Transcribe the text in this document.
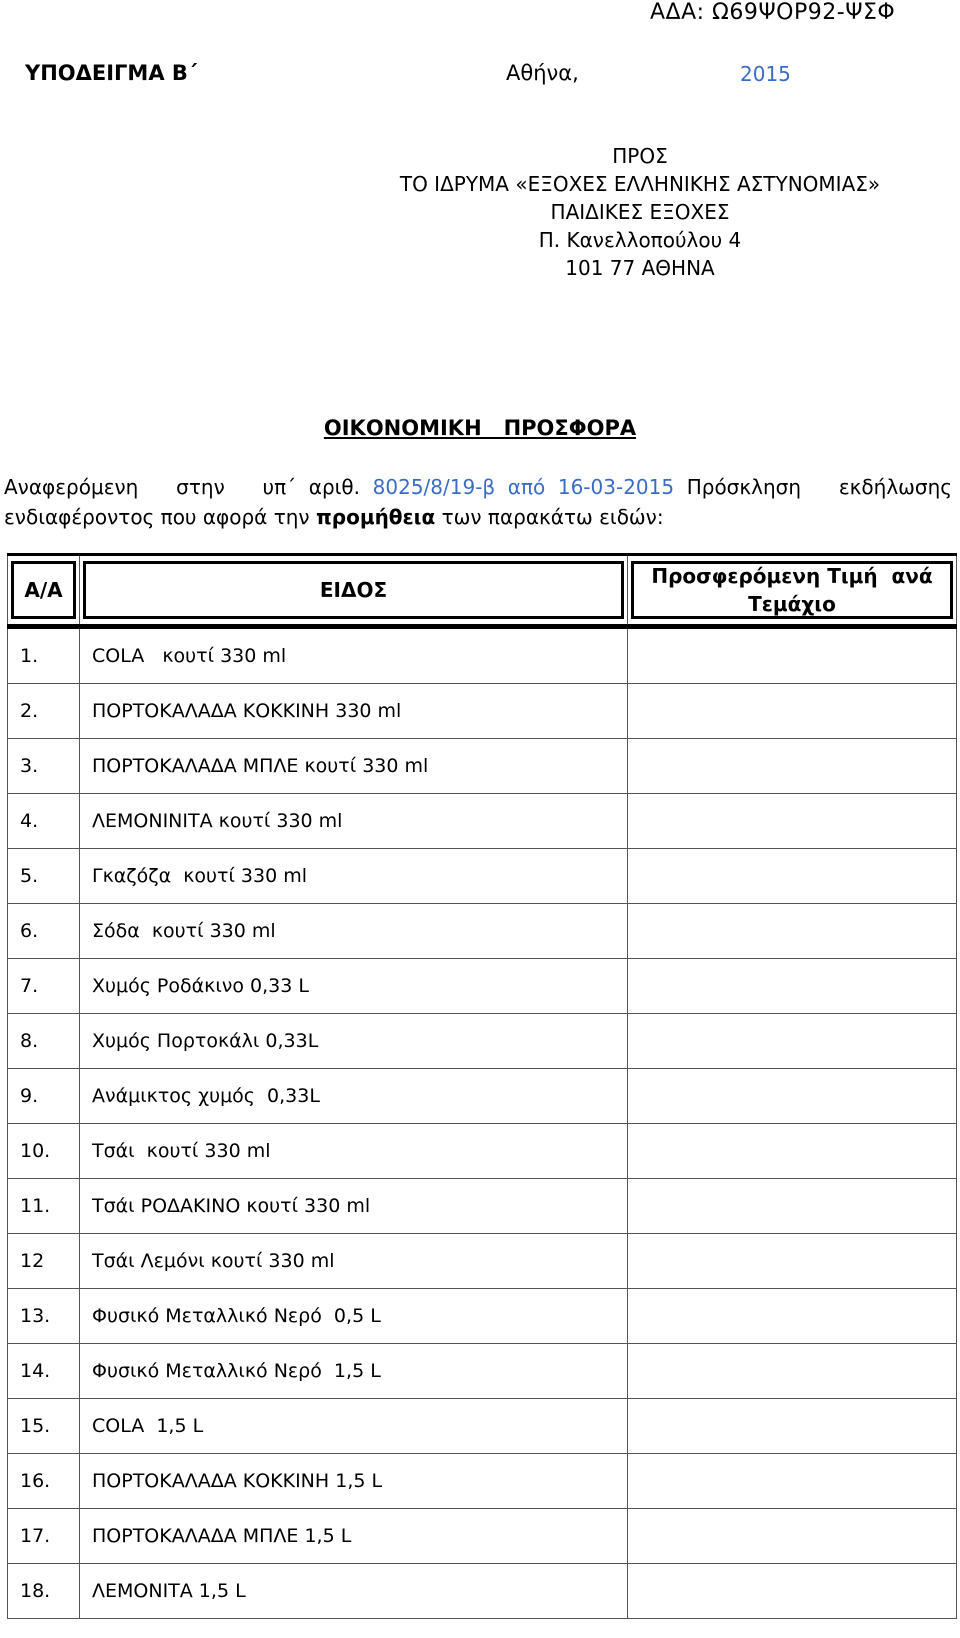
ΑΔΑ: Ω69ΨΟΡ92-ΨΣΦ
ΥΠΟΔΕΙΓΜΑ Β΄	Αθήνα,	2015
ΠΡΟΣ
ΤΟ ΙΔΡΥΜΑ «ΕΞΟΧΕΣ ΕΛΛΗΝΙΚΗΣ ΑΣΤΥΝΟΜΙΑΣ»
ΠΑΙΔΙΚΕΣ ΕΞΟΧΕΣ
Π. Κανελλοπούλου 4
101 77 ΑΘΗΝΑ
ΟΙΚΟΝΟΜΙΚΗ   ΠΡΟΣΦΟΡΑ
Αναφερόμενη   στην   υπ΄ αριθ. 8025/8/19-β από 16-03-2015 Πρόσκληση   εκδήλωσης
ενδιαφέροντος που αφορά την προμήθεια των παρακάτω ειδών:
Α/Α	ΕΙΔΟΣ	Προσφερόμενη Τιμή  ανά
Τεμάχιο

1.	COLA   κουτί 330 ml	
2.	ΠΟΡΤΟΚΑΛΑΔΑ ΚΟΚΚΙΝΗ 330 ml	
3.	ΠΟΡΤΟΚΑΛΑΔΑ ΜΠΛΕ κουτί 330 ml	
4.	ΛΕΜΟΝΙΝΙΤΑ κουτί 330 ml	
5.	Γκαζόζα  κουτί 330 ml	
6.	Σόδα  κουτί 330 ml	
7.	Χυμός Ροδάκινο 0,33 L	
8.	Χυμός Πορτοκάλι 0,33L	
9.	Ανάμικτος χυμός  0,33L	
10.	Τσάι  κουτί 330 ml	
11.	Τσάι ΡΟΔΑΚΙΝΟ κουτί 330 ml	
12	Τσάι Λεμόνι κουτί 330 ml	
13.	Φυσικό Μεταλλικό Νερό  0,5 L	
14.	Φυσικό Μεταλλικό Νερό  1,5 L	
15.	COLA  1,5 L	
16.	ΠΟΡΤΟΚΑΛΑΔΑ ΚΟΚΚΙΝΗ 1,5 L	
17.	ΠΟΡΤΟΚΑΛΑΔΑ ΜΠΛΕ 1,5 L	
18.	ΛΕΜΟΝΙΤΑ 1,5 L	
